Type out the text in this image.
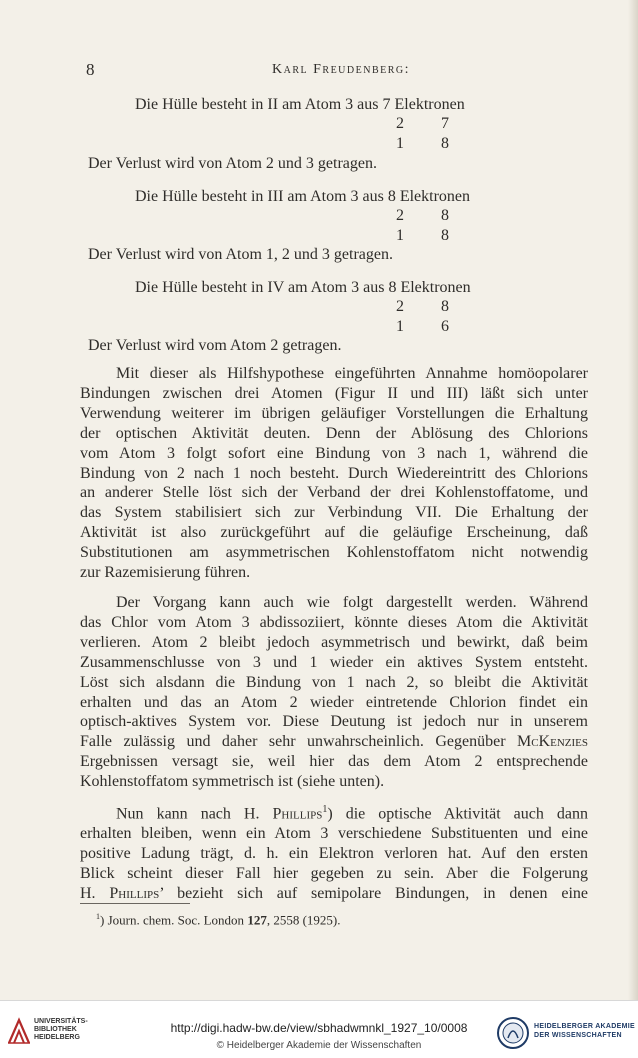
8	Karl Freudenberg:
Die Hülle besteht in II am Atom 3 aus 7 Elektronen
2 7
1 8
Der Verlust wird von Atom 2 und 3 getragen.
Die Hülle besteht in III am Atom 3 aus 8 Elektronen
2 8
1 8
Der Verlust wird von Atom 1, 2 und 3 getragen.
Die Hülle besteht in IV am Atom 3 aus 8 Elektronen
2 8
1 6
Der Verlust wird vom Atom 2 getragen.
Mit dieser als Hilfshypothese eingeführten Annahme homöopolarer
Bindungen zwischen drei Atomen (Figur II und III) läßt sich unter
Verwendung weiterer im übrigen geläufiger Vorstellungen die Erhaltung
der optischen Aktivität deuten. Denn der Ablösung des Chlorions
vom Atom 3 folgt sofort eine Bindung von 3 nach 1, während die
Bindung von 2 nach 1 noch besteht. Durch Wiedereintritt des Chlorions
an anderer Stelle löst sich der Verband der drei Kohlenstoffatome, und
das System stabilisiert sich zur Verbindung VII. Die Erhaltung der
Aktivität ist also zurückgeführt auf die geläufige Erscheinung, daß
Substitutionen am asymmetrischen Kohlenstoffatom nicht notwendig
zur Razemisierung führen.
Der Vorgang kann auch wie folgt dargestellt werden. Während
das Chlor vom Atom 3 abdissoziiert, könnte dieses Atom die Aktivität
verlieren. Atom 2 bleibt jedoch asymmetrisch und bewirkt, daß beim
Zusammenschlusse von 3 und 1 wieder ein aktives System entsteht.
Löst sich alsdann die Bindung von 1 nach 2, so bleibt die Aktivität
erhalten und das an Atom 2 wieder eintretende Chlorion findet ein
optisch-aktives System vor. Diese Deutung ist jedoch nur in unserem
Falle zulässig und daher sehr unwahrscheinlich. Gegenüber McKenzies
Ergebnissen versagt sie, weil hier das dem Atom 2 entsprechende
Kohlenstoffatom symmetrisch ist (siehe unten).
Nun kann nach H. Phillips$^1$) die optische Aktivität auch dann
erhalten bleiben, wenn ein Atom 3 verschiedene Substituenten und eine
positive Ladung trägt, d. h. ein Elektron verloren hat. Auf den ersten
Blick scheint dieser Fall hier gegeben zu sein. Aber die Folgerung
H. Phillips’ bezieht sich auf semipolare Bindungen, in denen eine
$^1$) Journ. chem. Soc. London 127, 2558 (1925).
UNIVERSITÄTS-
BIBLIOTHEK
HEIDELBERG
http://digi.hadw-bw.de/view/sbhadwmnkl_1927_10/0008
© Heidelberger Akademie der Wissenschaften
HEIDELBERGER AKADEMIE
DER WISSENSCHAFTEN
